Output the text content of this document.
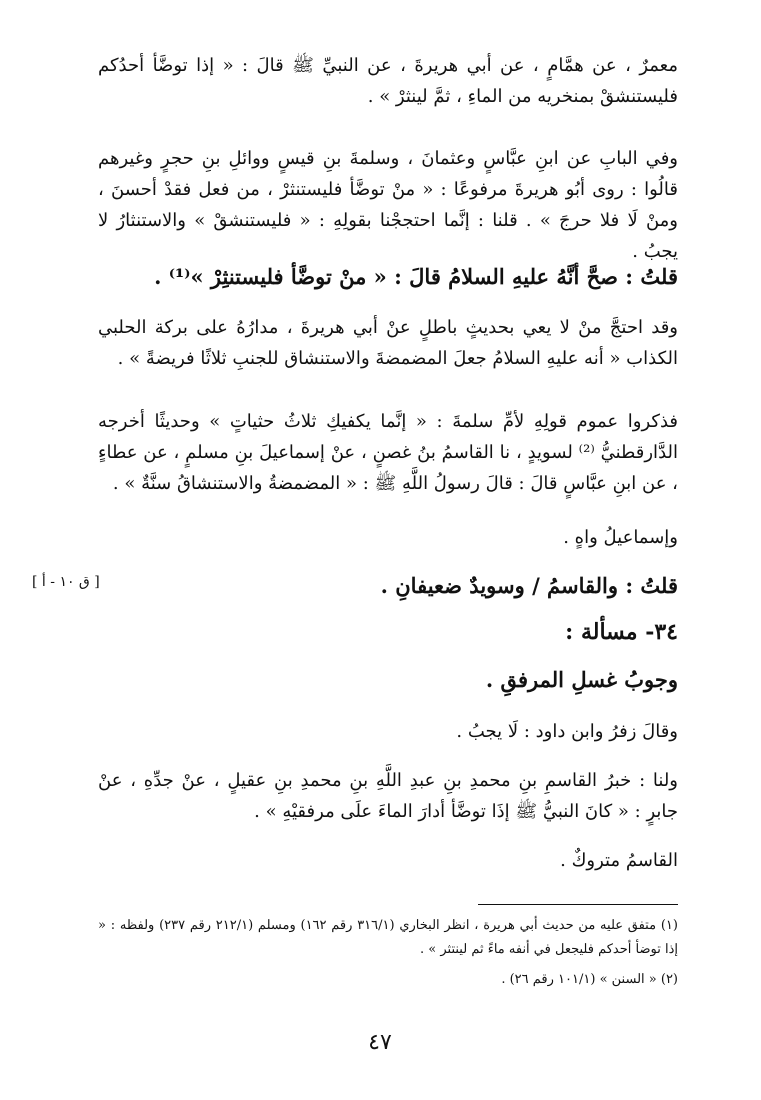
معمرٌ ، عن همَّامٍ ، عن أبي هريرةَ ، عن النبيِّ ﷺ قالَ : « إذا توضَّأ أحدُكم فليستنشقْ بمنخريه من الماءِ ، ثمَّ لينثرْ » .

وفي البابِ عن ابنِ عبَّاسٍ وعثمانَ ، وسلمةَ بنِ قيسٍ ووائلِ بنِ حجرٍ وغيرهم قالُوا : روى أبُو هريرةَ مرفوعًا : « منْ توضَّأ فليستنثرْ ، من فعل فقدْ أحسنَ ، ومنْ لَا فلا حرجَ » . قلنا : إنَّما احتججْنا بقولِهِ : « فليستنشقْ » والاستنثارُ لا يجبُ .

قلتُ : صحَّ أنَّهُ عليهِ السلامُ قالَ : « منْ توضَّأ فليستنثِرْ »⁽¹⁾ .

وقد احتجَّ منْ لا يعي بحديثٍ باطلٍ عنْ أبي هريرةَ ، مدارُهُ على بركة الحلبي الكذاب « أنه عليهِ السلامُ جعلَ المضمضةَ والاستنشاق للجنبِ ثلاثًا فريضةً » .

فذكروا عموم قولِهِ لأمِّ سلمةَ : « إنَّما يكفيكِ ثلاثُ حثياتٍ » وحديثًا أخرجه الدَّارقطنيُّ ⁽²⁾ لسويدٍ ، نا القاسمُ بنُ غصنٍ ، عنْ إسماعيلَ بنِ مسلمٍ ، عن عطاءٍ ، عن ابنِ عبَّاسٍ قالَ : قالَ رسولُ اللَّهِ ﷺ : « المضمضةُ والاستنشاقُ سنَّةٌ » .

وإسماعيلُ واهٍ .

قلتُ : والقاسمُ / وسويدٌ ضعيفانِ .

[ ق ١٠ - أ ]

٣٤- مسألة :

وجوبُ غسلِ المرفقِ .

وقالَ زفرُ وابن داود : لَا يجبُ .

ولنا : خبرُ القاسمِ بنِ محمدِ بنِ عبدِ اللَّهِ بنِ محمدِ بنِ عقيلٍ ، عنْ جدِّهِ ، عنْ جابرٍ : « كانَ النبيُّ ﷺ إذَا توضَّأ أدارَ الماءَ علَى مرفقيْهِ » .

القاسمُ متروكٌ .

(١) متفق عليه من حديث أبي هريرة ، انظر البخاري (٣١٦/١ رقم ١٦٢) ومسلم (٢١٢/١ رقم ٢٣٧) ولفظه : « إذا توضأ أحدكم فليجعل في أنفه ماءً ثم لينتثر » .

(٢) « السنن » (١٠١/١ رقم ٢٦) .

٤٧
